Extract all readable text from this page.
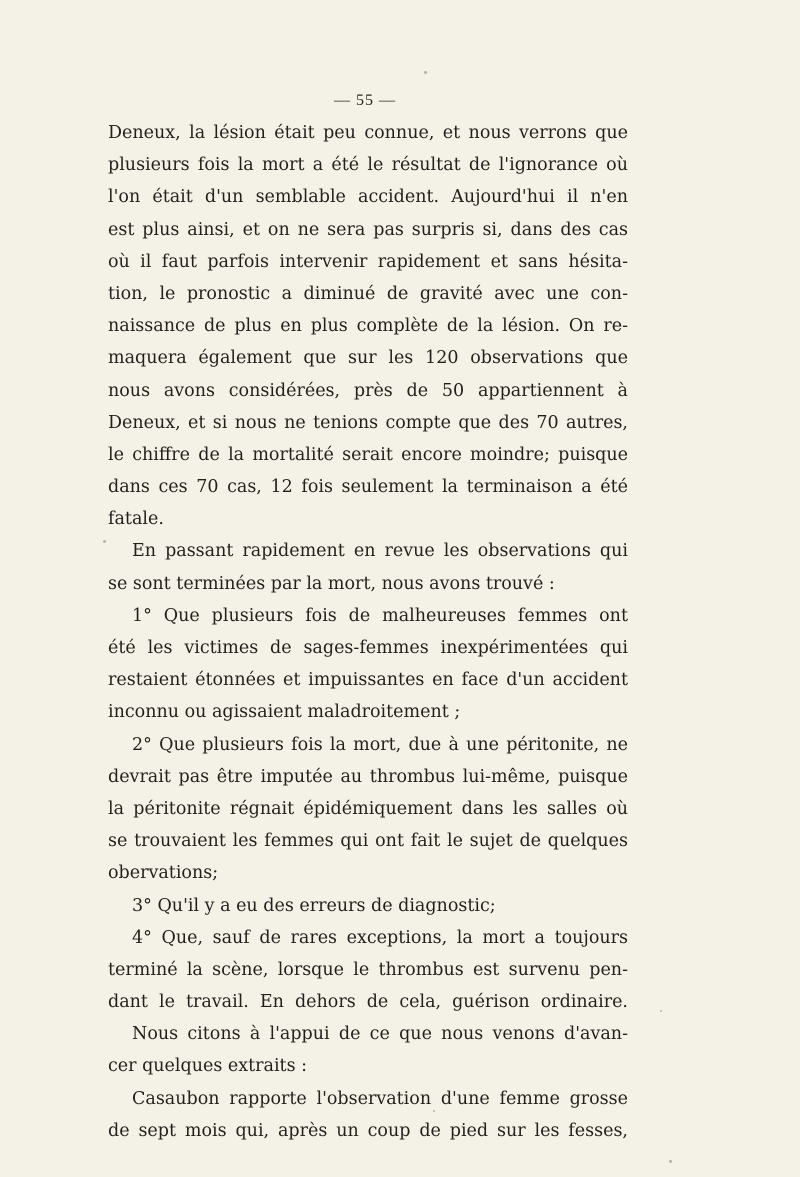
— 55 —
Deneux, la lésion était peu connue, et nous verrons que
plusieurs fois la mort a été le résultat de l'ignorance où
l'on était d'un semblable accident. Aujourd'hui il n'en
est plus ainsi, et on ne sera pas surpris si, dans des cas
où il faut parfois intervenir rapidement et sans hésita-
tion, le pronostic a diminué de gravité avec une con-
naissance de plus en plus complète de la lésion. On re-
maquera également que sur les 120 observations que
nous avons considérées, près de 50 appartiennent à
Deneux, et si nous ne tenions compte que des 70 autres,
le chiffre de la mortalité serait encore moindre; puisque
dans ces 70 cas, 12 fois seulement la terminaison a été
fatale.
En passant rapidement en revue les observations qui
se sont terminées par la mort, nous avons trouvé :
1° Que plusieurs fois de malheureuses femmes ont
été les victimes de sages-femmes inexpérimentées qui
restaient étonnées et impuissantes en face d'un accident
inconnu ou agissaient maladroitement ;
2° Que plusieurs fois la mort, due à une péritonite, ne
devrait pas être imputée au thrombus lui-même, puisque
la péritonite régnait épidémiquement dans les salles où
se trouvaient les femmes qui ont fait le sujet de quelques
obervations;
3° Qu'il y a eu des erreurs de diagnostic;
4° Que, sauf de rares exceptions, la mort a toujours
terminé la scène, lorsque le thrombus est survenu pen-
dant le travail. En dehors de cela, guérison ordinaire.
Nous citons à l'appui de ce que nous venons d'avan-
cer quelques extraits :
Casaubon rapporte l'observation d'une femme grosse
de sept mois qui, après un coup de pied sur les fesses,
